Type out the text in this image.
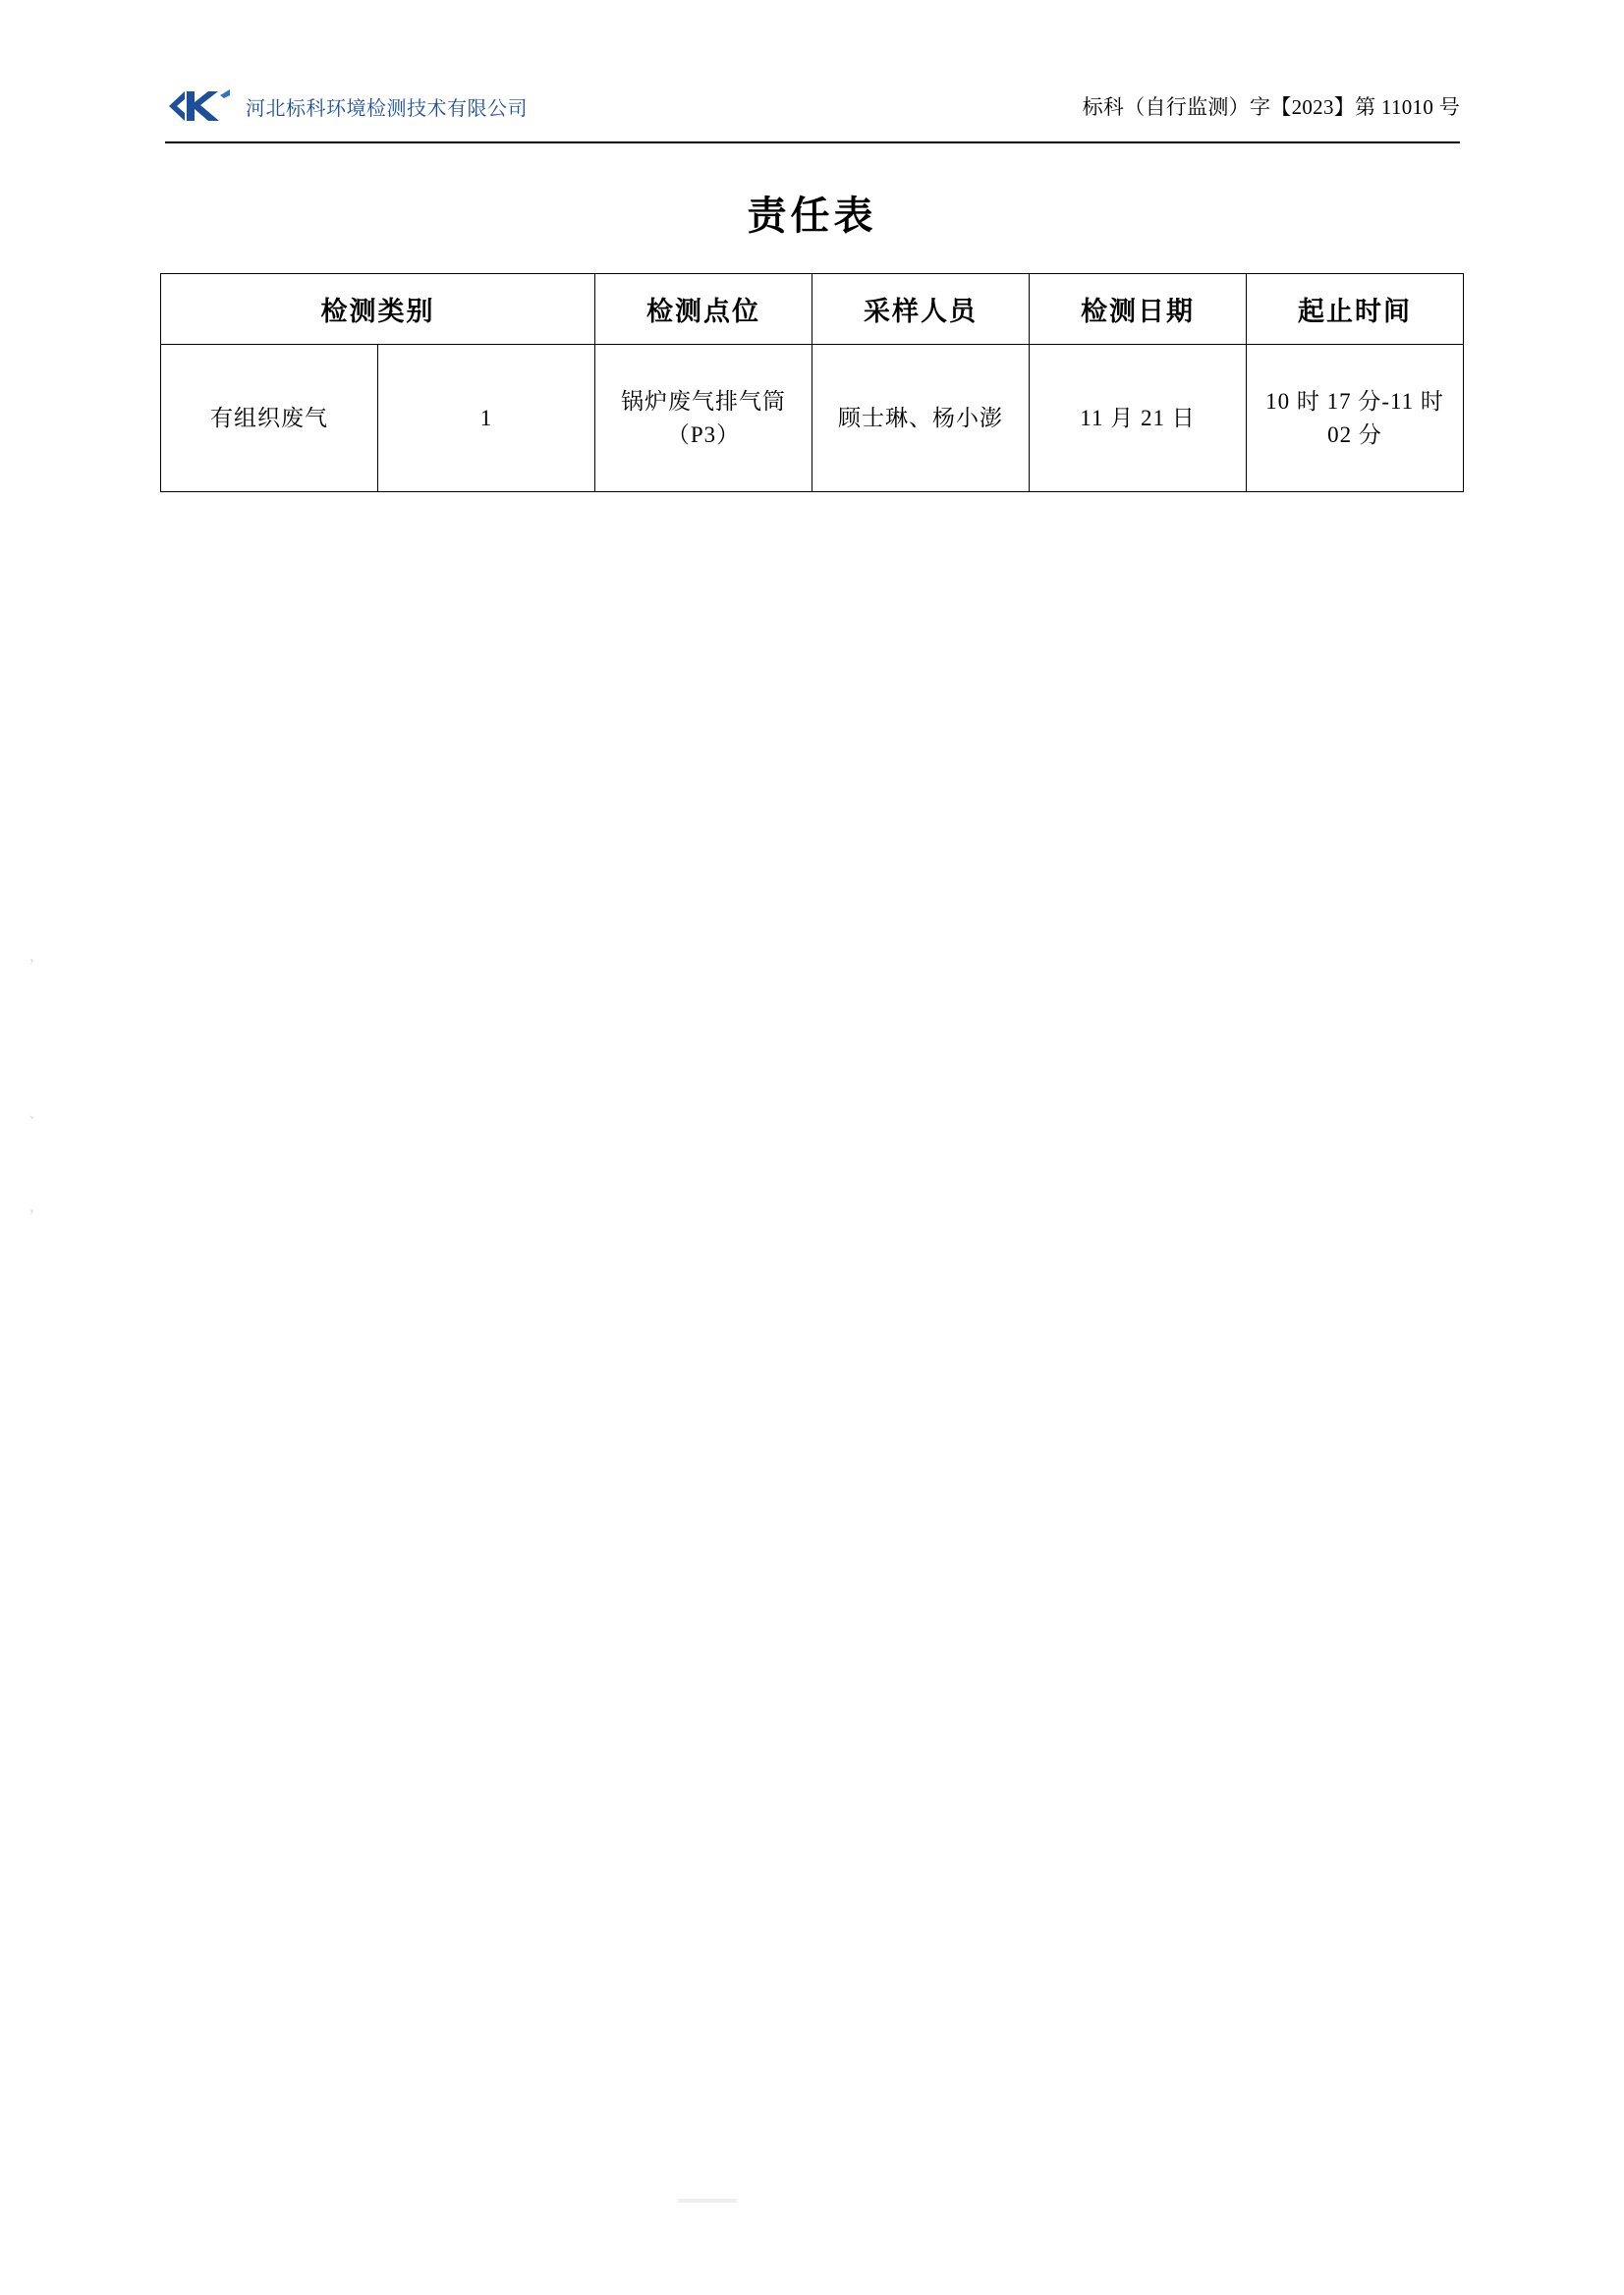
河北标科环境检测技术有限公司	标科（自行监测）字【2023】第 11010 号
责任表
检测类别		检测点位	采样人员	检测日期	起止时间
有组织废气	1	锅炉废气排气筒（P3）	顾士琳、杨小澎	11 月 21 日	10 时 17 分-11 时 02 分
，
、
，
